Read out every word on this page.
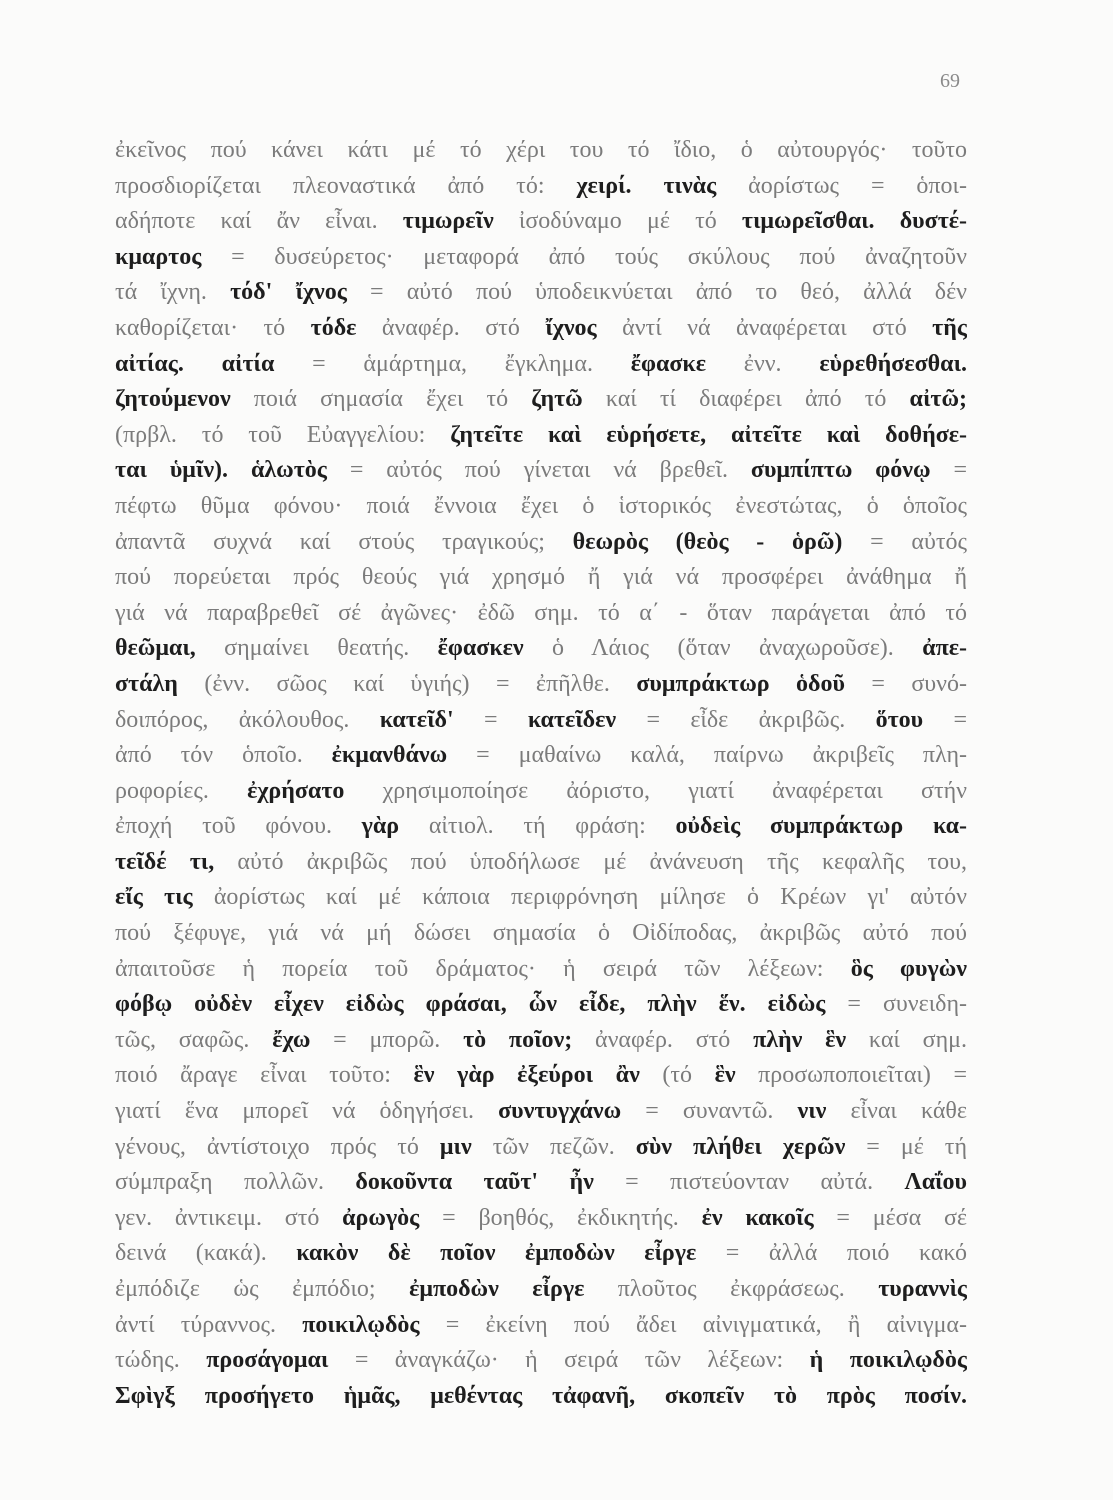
69
ἐκεῖνος πού κάνει κάτι μέ τό χέρι του τό ἴδιο, ὁ αὐτουργός· τοῦτο
προσδιορίζεται πλεοναστικά ἀπό τό: χειρί. τινὰς ἀορίστως = ὁποι-
αδήποτε καί ἄν εἶναι. τιμωρεῖν ἰσοδύναμο μέ τό τιμωρεῖσθαι. δυστέ-
κμαρτος = δυσεύρετος· μεταφορά ἀπό τούς σκύλους πού ἀναζητοῦν
τά ἴχνη. τόδ' ἴχνος = αὐτό πού ὑποδεικνύεται ἀπό το θεό, ἀλλά δέν
καθορίζεται· τό τόδε ἀναφέρ. στό ἴχνος ἀντί νά ἀναφέρεται στό τῆς
αἰτίας. αἰτία = ἁμάρτημα, ἔγκλημα. ἔφασκε ἐνν. εὑρεθήσεσθαι.
ζητούμενον ποιά σημασία ἔχει τό ζητῶ καί τί διαφέρει ἀπό τό αἰτῶ;
(πρβλ. τό τοῦ Εὐαγγελίου: ζητεῖτε καὶ εὑρήσετε, αἰτεῖτε καὶ δοθήσε-
ται ὑμῖν). ἁλωτὸς = αὐτός πού γίνεται νά βρεθεῖ. συμπίπτω φόνῳ =
πέφτω θῦμα φόνου· ποιά ἔννοια ἔχει ὁ ἱστορικός ἐνεστώτας, ὁ ὁποῖος
ἀπαντᾶ συχνά καί στούς τραγικούς; θεωρὸς (θεὸς - ὁρῶ) = αὐτός
πού πορεύεται πρός θεούς γιά χρησμό ἤ γιά νά προσφέρει ἀνάθημα ἤ
γιά νά παραβρεθεῖ σέ ἀγῶνες· ἐδῶ σημ. τό α΄ - ὅταν παράγεται ἀπό τό
θεῶμαι, σημαίνει θεατής. ἔφασκεν ὁ Λάιος (ὅταν ἀναχωροῦσε). ἀπε-
στάλη (ἐνν. σῶος καί ὑγιής) = ἐπῆλθε. συμπράκτωρ ὁδοῦ = συνό-
δοιπόρος, ἀκόλουθος. κατεῖδ' = κατεῖδεν = εἶδε ἀκριβῶς. ὅτου =
ἀπό τόν ὁποῖο. ἐκμανθάνω = μαθαίνω καλά, παίρνω ἀκριβεῖς πλη-
ροφορίες. ἐχρήσατο χρησιμοποίησε ἀόριστο, γιατί ἀναφέρεται στήν
ἐποχή τοῦ φόνου. γὰρ αἰτιολ. τή φράση: οὐδεὶς συμπράκτωρ κα-
τεῖδέ τι, αὐτό ἀκριβῶς πού ὑποδήλωσε μέ ἀνάνευση τῆς κεφαλῆς του,
εἴς τις ἀορίστως καί μέ κάποια περιφρόνηση μίλησε ὁ Κρέων γι' αὐτόν
πού ξέφυγε, γιά νά μή δώσει σημασία ὁ Οἰδίποδας, ἀκριβῶς αὐτό πού
ἀπαιτοῦσε ἡ πορεία τοῦ δράματος· ἡ σειρά τῶν λέξεων: ὃς φυγὼν
φόβῳ οὐδὲν εἶχεν εἰδὼς φράσαι, ὧν εἶδε, πλὴν ἕν. εἰδὼς = συνειδη-
τῶς, σαφῶς. ἔχω = μπορῶ. τὸ ποῖον; ἀναφέρ. στό πλὴν ἓν καί σημ.
ποιό ἄραγε εἶναι τοῦτο: ἓν γὰρ ἐξεύροι ἂν (τό ἓν προσωποποιεῖται) =
γιατί ἕνα μπορεῖ νά ὁδηγήσει. συντυγχάνω = συναντῶ. νιν εἶναι κάθε
γένους, ἀντίστοιχο πρός τό μιν τῶν πεζῶν. σὺν πλήθει χερῶν = μέ τή
σύμπραξη πολλῶν. δοκοῦντα ταῦτ' ἦν = πιστεύονταν αὐτά. Λαΐου
γεν. ἀντικειμ. στό ἀρωγὸς = βοηθός, ἐκδικητής. ἐν κακοῖς = μέσα σέ
δεινά (κακά). κακὸν δὲ ποῖον ἐμποδὼν εἶργε = ἀλλά ποιό κακό
ἐμπόδιζε ὡς ἐμπόδιο; ἐμποδὼν εἶργε πλοῦτος ἐκφράσεως. τυραννὶς
ἀντί τύραννος. ποικιλῳδὸς = ἐκείνη πού ἄδει αἰνιγματικά, ἢ αἰνιγμα-
τώδης. προσάγομαι = ἀναγκάζω· ἡ σειρά τῶν λέξεων: ἡ ποικιλῳδὸς
Σφὶγξ προσήγετο ἡμᾶς, μεθέντας τἀφανῆ, σκοπεῖν τὸ πρὸς ποσίν.
